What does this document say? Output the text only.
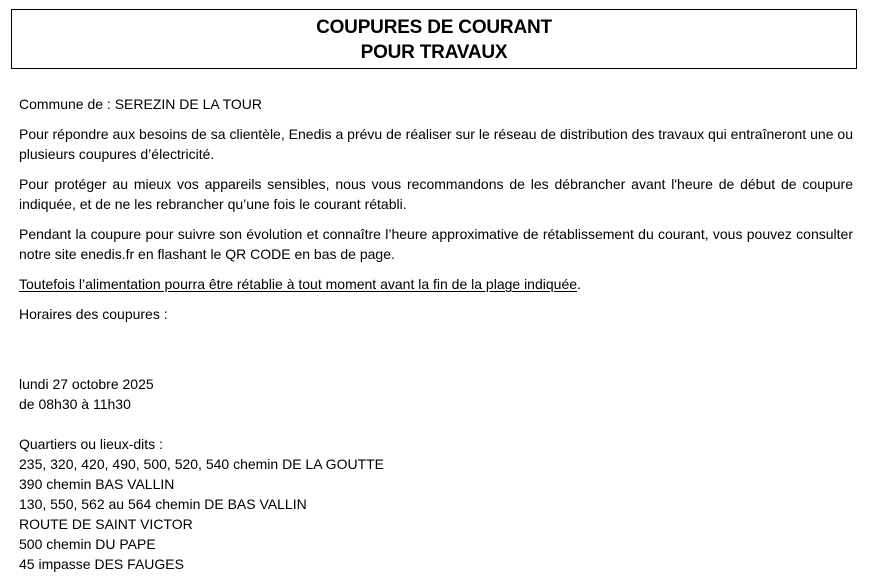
COUPURES DE COURANT
POUR TRAVAUX

Commune de : SEREZIN DE LA TOUR

Pour répondre aux besoins de sa clientèle, Enedis a prévu de réaliser sur le réseau de distribution des travaux qui entraîneront une ou plusieurs coupures d’électricité.

Pour protéger au mieux vos appareils sensibles, nous vous recommandons de les débrancher avant l'heure de début de coupure indiquée, et de ne les rebrancher qu’une fois le courant rétabli.

Pendant la coupure pour suivre son évolution et connaître l’heure approximative de rétablissement du courant, vous pouvez consulter notre site enedis.fr en flashant le QR CODE en bas de page.

Toutefois l’alimentation pourra être rétablie à tout moment avant la fin de la plage indiquée.

Horaires des coupures :

lundi 27 octobre 2025
de 08h30 à 11h30
Quartiers ou lieux-dits :
235, 320, 420, 490, 500, 520, 540 chemin DE LA GOUTTE
390 chemin BAS VALLIN
130, 550, 562 au 564 chemin DE BAS VALLIN
ROUTE DE SAINT VICTOR
500 chemin DU PAPE
45 impasse DES FAUGES
